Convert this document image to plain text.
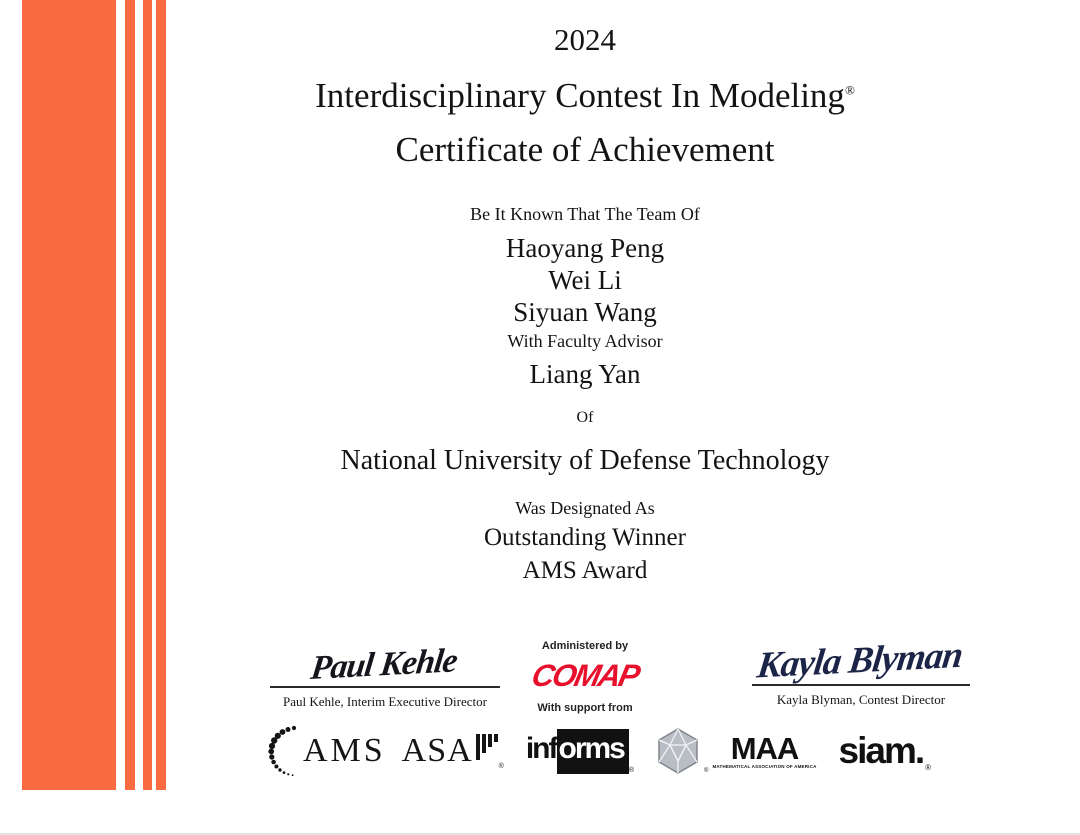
2024
Interdisciplinary Contest In Modeling®
Certificate of Achievement
Be It Known That The Team Of
Haoyang Peng
Wei Li
Siyuan Wang
With Faculty Advisor
Liang Yan
Of
National University of Defense Technology
Was Designated As
Outstanding Winner
AMS Award
Paul Kehle
Paul Kehle, Interim Executive Director
Administered by
COMAP
With support from
Kayla Blyman
Kayla Blyman, Contest Director
AMS ASA	®
inf orms
®	®
MAA
MATHEMATICAL ASSOCIATION OF AMERICA siam. ®
